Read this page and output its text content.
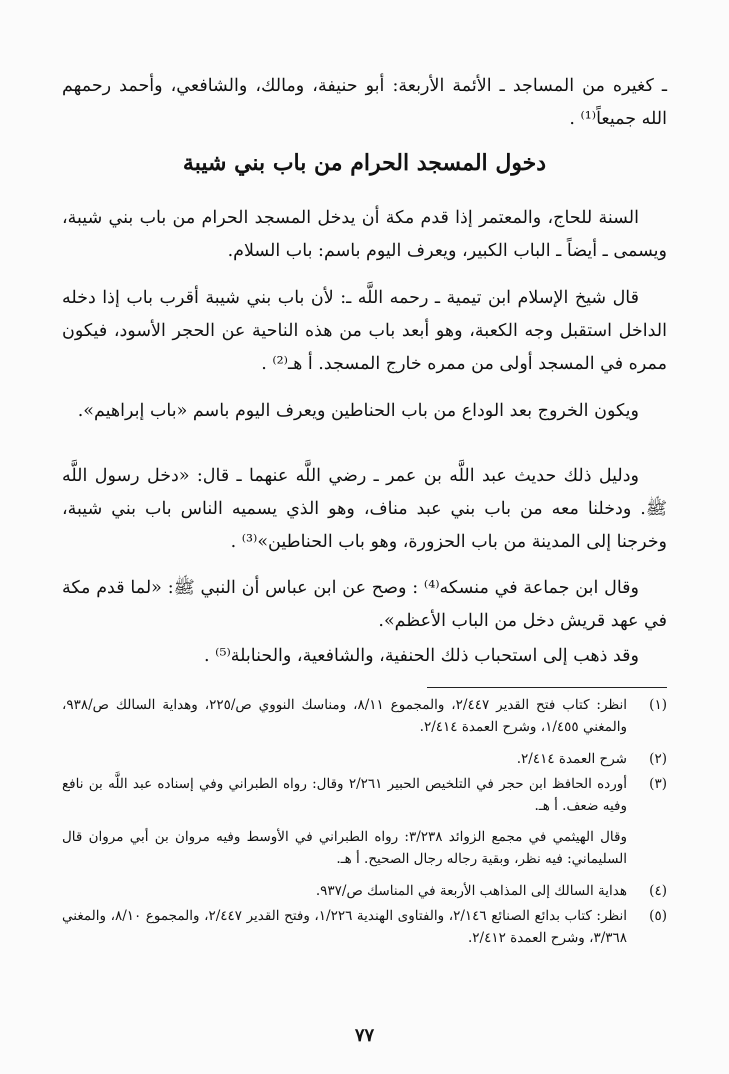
ـ كغيره من المساجد ـ الأئمة الأربعة: أبو حنيفة، ومالك، والشافعي، وأحمد رحمهم الله جميعاً⁽¹⁾ .

دخول المسجد الحرام من باب بني شيبة

السنة للحاج، والمعتمر إذا قدم مكة أن يدخل المسجد الحرام من باب بني شيبة، ويسمى ـ أيضاً ـ الباب الكبير، ويعرف اليوم باسم: باب السلام.

قال شيخ الإسلام ابن تيمية ـ رحمه اللَّه ـ: لأن باب بني شيبة أقرب باب إذا دخله الداخل استقبل وجه الكعبة، وهو أبعد باب من هذه الناحية عن الحجر الأسود، فيكون ممره في المسجد أولى من ممره خارج المسجد. أ هـ⁽²⁾ .

ويكون الخروج بعد الوداع من باب الحناطين ويعرف اليوم باسم «باب إبراهيم».

ودليل ذلك حديث عبد اللَّه بن عمر ـ رضي اللَّه عنهما ـ قال: «دخل رسول اللَّه ﷺ. ودخلنا معه من باب بني عبد مناف، وهو الذي يسميه الناس باب بني شيبة، وخرجنا إلى المدينة من باب الحزورة، وهو باب الحناطين»⁽³⁾ .

وقال ابن جماعة في منسكه⁽⁴⁾ : وصح عن ابن عباس أن النبي ﷺ: «لما قدم مكة في عهد قريش دخل من الباب الأعظم».

وقد ذهب إلى استحباب ذلك الحنفية، والشافعية، والحنابلة⁽⁵⁾ .

(١)
انظر: كتاب فتح القدير ٢/٤٤٧، والمجموع ٨/١١، ومناسك النووي ص/٢٢٥، وهداية السالك ص/٩٣٨، والمغني ١/٤٥٥، وشرح العمدة ٢/٤١٤.
(٢)
شرح العمدة ٢/٤١٤.
(٣)
أورده الحافظ ابن حجر في التلخيص الحبير ٢/٢٦١ وقال: رواه الطبراني وفي إسناده عبد اللَّه بن نافع وفيه ضعف. أ هـ.
وقال الهيثمي في مجمع الزوائد ٣/٢٣٨: رواه الطبراني في الأوسط وفيه مروان بن أبي مروان قال السليماني: فيه نظر، وبقية رجاله رجال الصحيح. أ هـ.
(٤)
هداية السالك إلى المذاهب الأربعة في المناسك ص/٩٣٧.
(٥)
انظر: كتاب بدائع الصنائع ٢/١٤٦، والفتاوى الهندية ١/٢٢٦، وفتح القدير ٢/٤٤٧، والمجموع ٨/١٠، والمغني ٣/٣٦٨، وشرح العمدة ٢/٤١٢.
٧٧
